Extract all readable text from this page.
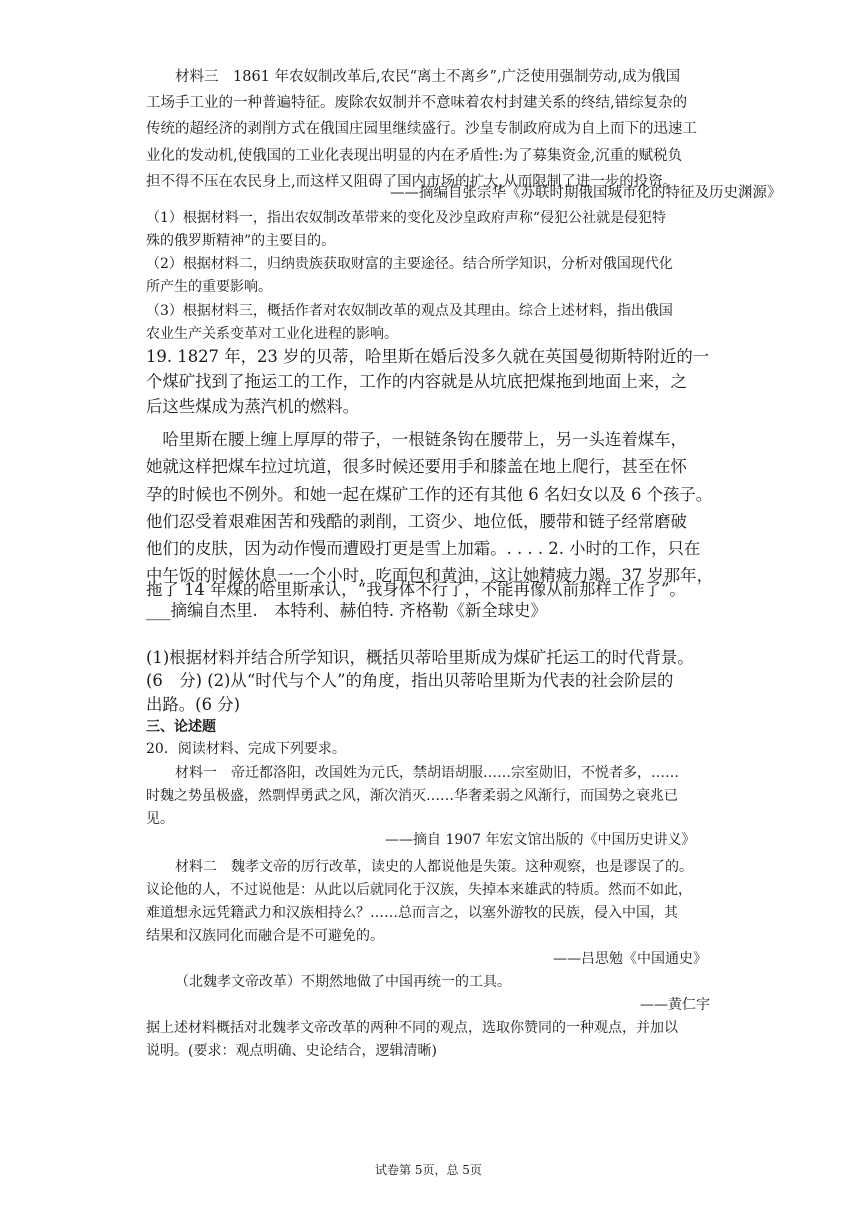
材料三　1861 年农奴制改革后,农民“离土不离乡”,广泛使用强制劳动,成为俄国
工场手工业的一种普遍特征。废除农奴制并不意味着农村封建关系的终结,错综复杂的
传统的超经济的剥削方式在俄国庄园里继续盛行。沙皇专制政府成为自上而下的迅速工
业化的发动机,使俄国的工业化表现出明显的内在矛盾性:为了募集资金,沉重的赋税负
担不得不压在农民身上,而这样又阻碍了国内市场的扩大,从而限制了进一步的投资。
——摘编自张宗华《苏联时期俄国城市化的特征及历史渊源》
（1）根据材料一，指出农奴制改革带来的变化及沙皇政府声称“侵犯公社就是侵犯特
殊的俄罗斯精神”的主要目的。
（2）根据材料二，归纳贵族获取财富的主要途径。结合所学知识，分析对俄国现代化
所产生的重要影响。
（3）根据材料三，概括作者对农奴制改革的观点及其理由。综合上述材料，指出俄国
农业生产关系变革对工业化进程的影响。
19. 1827 年，23 岁的贝蒂，哈里斯在婚后没多久就在英国曼彻斯特附近的一
个煤矿找到了拖运工的工作，工作的内容就是从坑底把煤拖到地面上来，之
后这些煤成为蒸汽机的燃料。
　哈里斯在腰上缠上厚厚的带子，一根链条钩在腰带上，另一头连着煤车，
她就这样把煤车拉过坑道，很多时候还要用手和膝盖在地上爬行，甚至在怀
孕的时候也不例外。和她一起在煤矿工作的还有其他 6 名妇女以及 6 个孩子。
他们忍受着艰难困苦和残酷的剥削，工资少、地位低，腰带和链子经常磨破
他们的皮肤，因为动作慢而遭殴打更是雪上加霜。. . . . 2. 小时的工作，只在
中午饭的时候休息一一个小时，吃面包和黄油，这让她精疲力竭。37 岁那年，
拖了 14 年煤的哈里斯承认，“我身体不行了，不能再像从前那样工作了”。
___摘编自杰里.　本特利、赫伯特. 齐格勒《新全球史》
(1)根据材料并结合所学知识，概括贝蒂哈里斯成为煤矿托运工的时代背景。
(6　分) (2)从“时代与个人”的角度，指出贝蒂哈里斯为代表的社会阶层的
出路。(6 分)
三、论述题
20．阅读材料、完成下列要求。
材料一　帝迁都洛阳，改国姓为元氏，禁胡语胡服……宗室勋旧，不悦者多，……
时魏之势虽极盛，然剽悍勇武之风，渐次消灭……华奢柔弱之风渐行，而国势之衰兆已
见。
——摘自 1907 年宏文馆出版的《中国历史讲义》
材料二　魏孝文帝的厉行改革，读史的人都说他是失策。这种观察，也是谬误了的。
议论他的人，不过说他是：从此以后就同化于汉族，失掉本来雄武的特质。然而不如此，
难道想永远凭籍武力和汉族相持么？……总而言之，以塞外游牧的民族，侵入中国，其
结果和汉族同化而融合是不可避免的。
——吕思勉《中国通史》
（北魏孝文帝改革）不期然地做了中国再统一的工具。
——黄仁宇
据上述材料概括对北魏孝文帝改革的两种不同的观点，选取你赞同的一种观点，并加以
说明。(要求：观点明确、史论结合，逻辑清晰)
试卷第 5页，总 5页
